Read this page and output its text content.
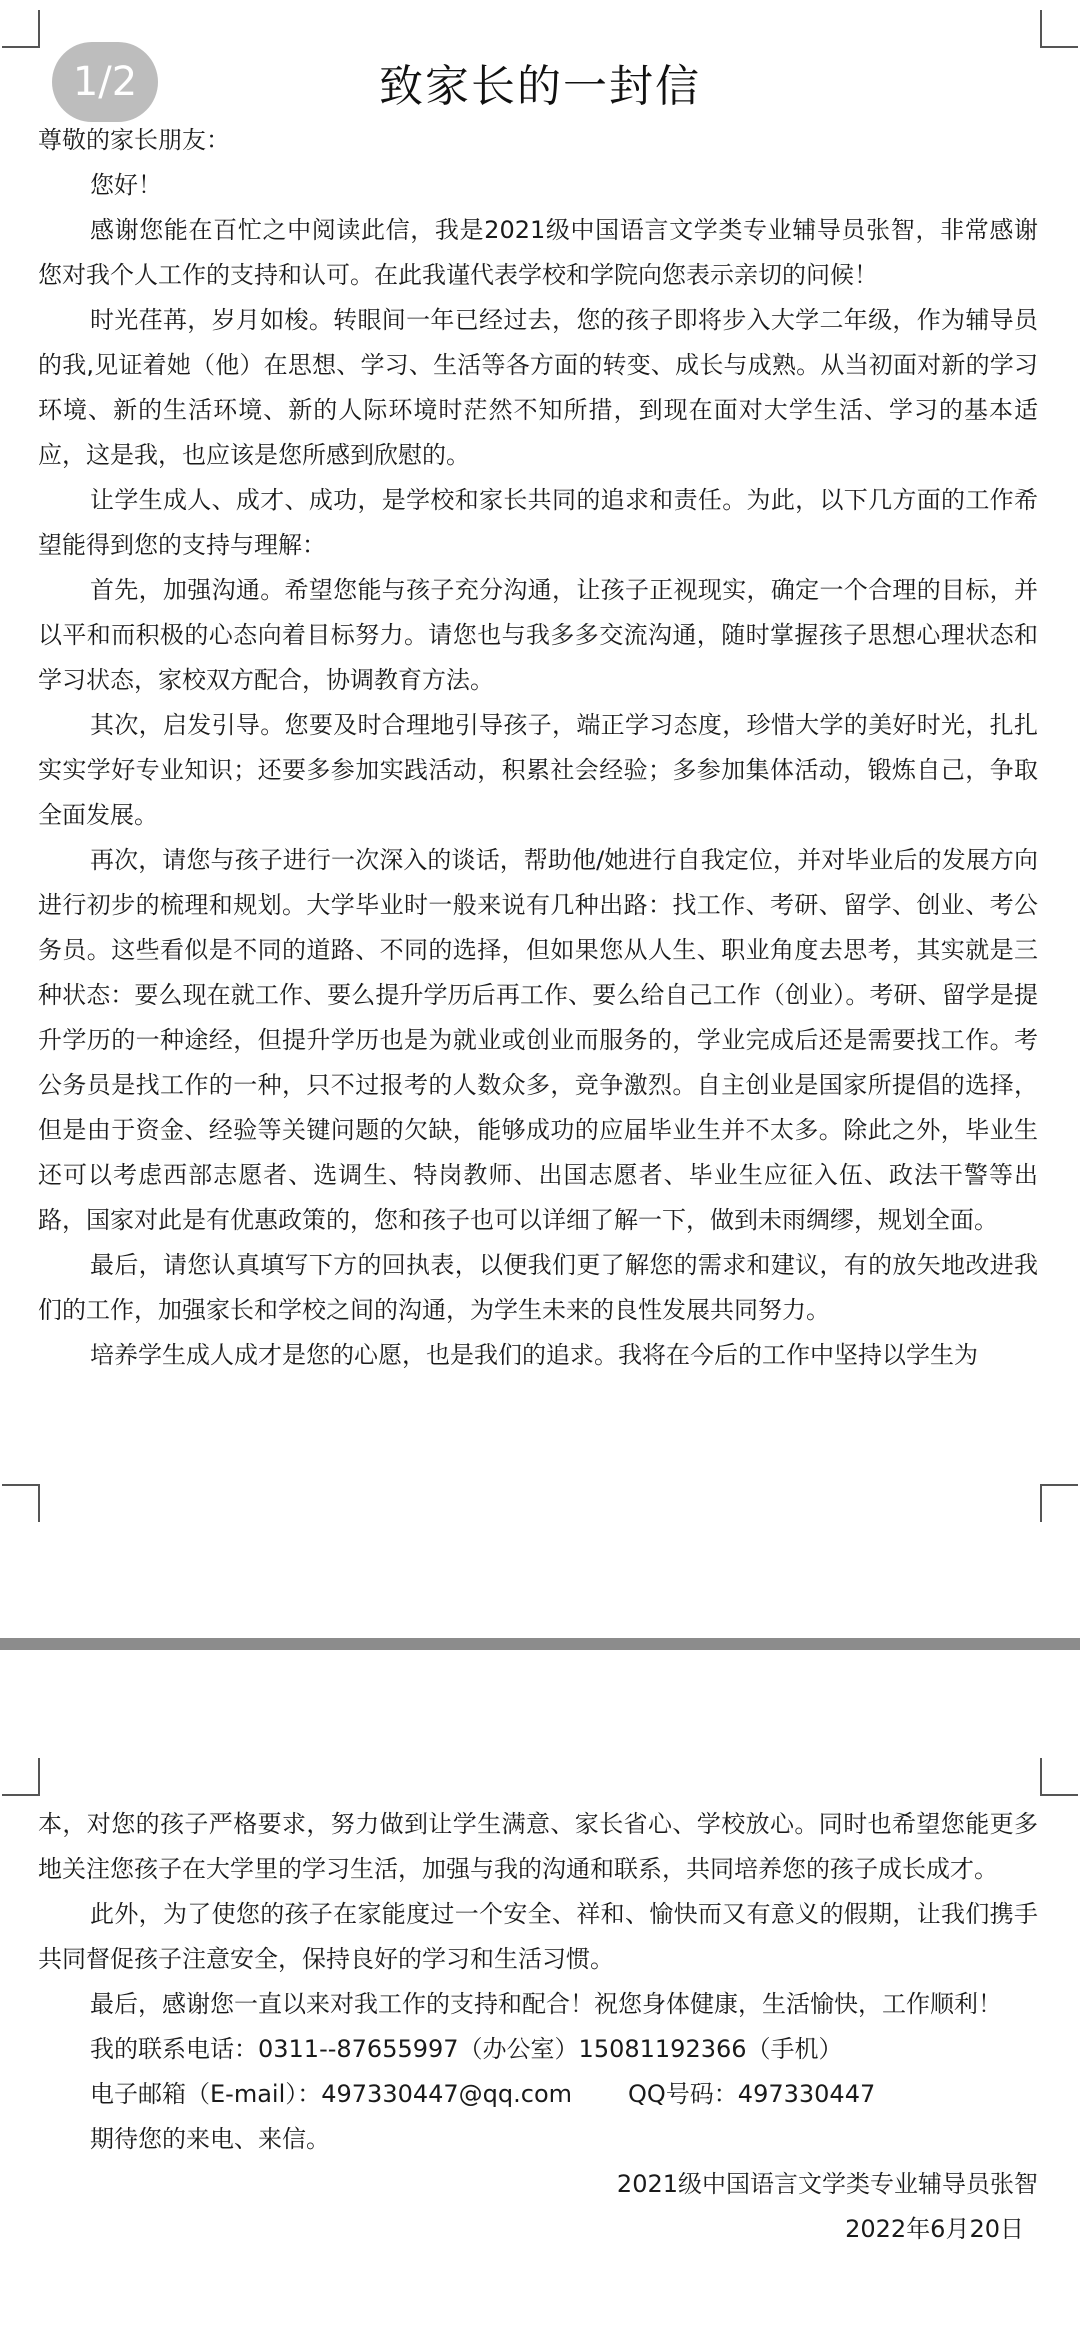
1/2	致家长的一封信

尊敬的家长朋友：

您好！

感谢您能在百忙之中阅读此信，我是2021级中国语言文学类专业辅导员张智，非常感谢您对我个人工作的支持和认可。在此我谨代表学校和学院向您表示亲切的问候！

时光荏苒，岁月如梭。转眼间一年已经过去，您的孩子即将步入大学二年级，作为辅导员的我,见证着她（他）在思想、学习、生活等各方面的转变、成长与成熟。从当初面对新的学习环境、新的生活环境、新的人际环境时茫然不知所措，到现在面对大学生活、学习的基本适应，这是我，也应该是您所感到欣慰的。

让学生成人、成才、成功，是学校和家长共同的追求和责任。为此，以下几方面的工作希望能得到您的支持与理解：

首先，加强沟通。希望您能与孩子充分沟通，让孩子正视现实，确定一个合理的目标，并以平和而积极的心态向着目标努力。请您也与我多多交流沟通，随时掌握孩子思想心理状态和学习状态，家校双方配合，协调教育方法。

其次，启发引导。您要及时合理地引导孩子，端正学习态度，珍惜大学的美好时光，扎扎实实学好专业知识；还要多参加实践活动，积累社会经验；多参加集体活动，锻炼自己，争取全面发展。

再次，请您与孩子进行一次深入的谈话，帮助他/她进行自我定位，并对毕业后的发展方向进行初步的梳理和规划。大学毕业时一般来说有几种出路：找工作、考研、留学、创业、考公务员。这些看似是不同的道路、不同的选择，但如果您从人生、职业角度去思考，其实就是三种状态：要么现在就工作、要么提升学历后再工作、要么给自己工作（创业）。考研、留学是提升学历的一种途经，但提升学历也是为就业或创业而服务的，学业完成后还是需要找工作。考公务员是找工作的一种，只不过报考的人数众多，竞争激烈。自主创业是国家所提倡的选择，但是由于资金、经验等关键问题的欠缺，能够成功的应届毕业生并不太多。除此之外，毕业生还可以考虑西部志愿者、选调生、特岗教师、出国志愿者、毕业生应征入伍、政法干警等出路，国家对此是有优惠政策的，您和孩子也可以详细了解一下，做到未雨绸缪，规划全面。

最后，请您认真填写下方的回执表，以便我们更了解您的需求和建议，有的放矢地改进我们的工作，加强家长和学校之间的沟通，为学生未来的良性发展共同努力。

培养学生成人成才是您的心愿，也是我们的追求。我将在今后的工作中坚持以学生为

本，对您的孩子严格要求，努力做到让学生满意、家长省心、学校放心。同时也希望您能更多地关注您孩子在大学里的学习生活，加强与我的沟通和联系，共同培养您的孩子成长成才。

此外，为了使您的孩子在家能度过一个安全、祥和、愉快而又有意义的假期，让我们携手共同督促孩子注意安全，保持良好的学习和生活习惯。

最后，感谢您一直以来对我工作的支持和配合！祝您身体健康，生活愉快，工作顺利！

我的联系电话：0311--87655997（办公室）15081192366（手机）

电子邮箱（E-mail）：497330447@qq.com QQ号码：497330447

期待您的来电、来信。

2021级中国语言文学类专业辅导员张智

2022年6月20日
